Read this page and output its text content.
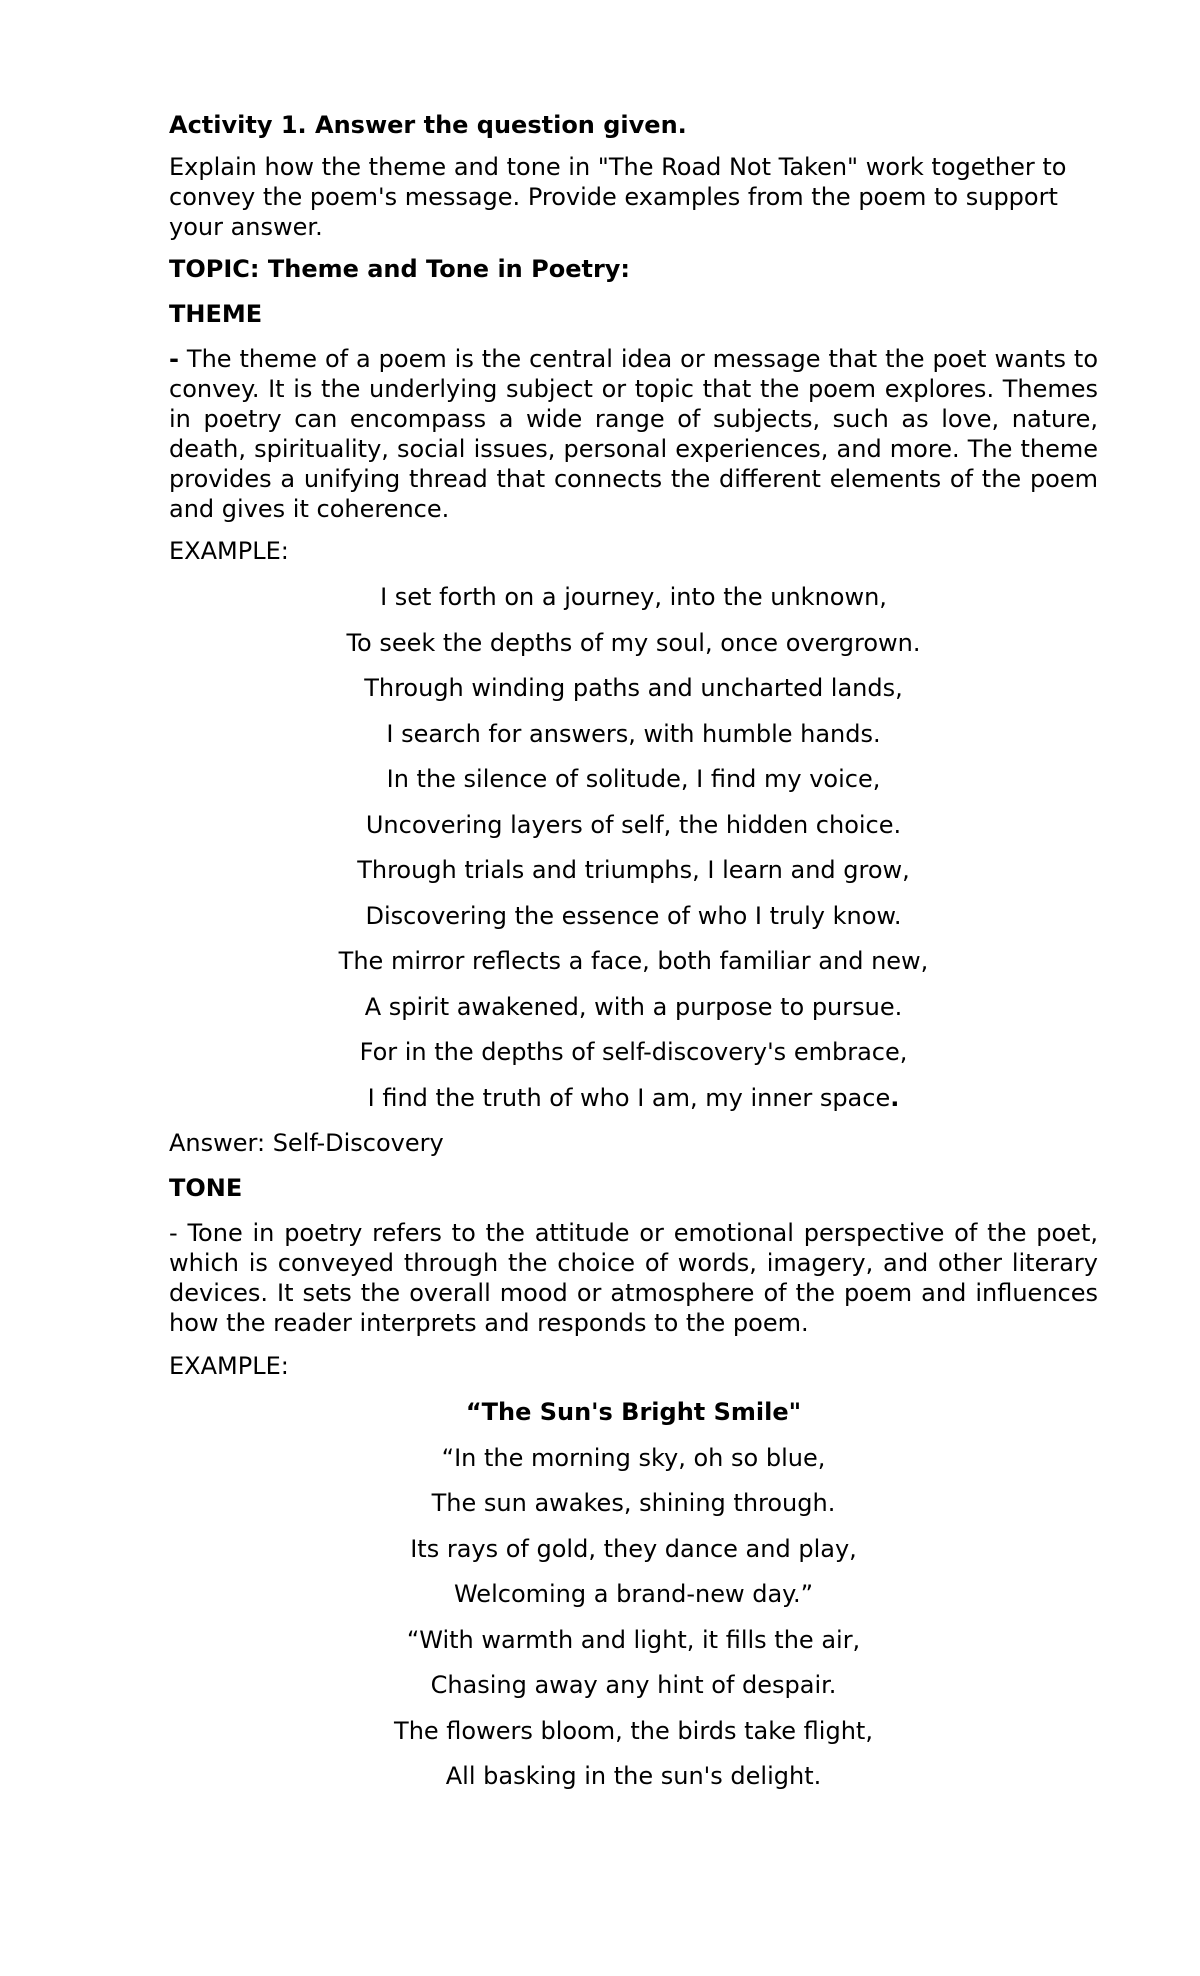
Activity 1. Answer the question given.
Explain how the theme and tone in "The Road Not Taken" work together to convey the poem's message. Provide examples from the poem to support your answer.
TOPIC: Theme and Tone in Poetry:
THEME
- The theme of a poem is the central idea or message that the poet wants to convey. It is the underlying subject or topic that the poem explores. Themes in poetry can encompass a wide range of subjects, such as love, nature, death, spirituality, social issues, personal experiences, and more. The theme provides a unifying thread that connects the different elements of the poem and gives it coherence.
EXAMPLE:
I set forth on a journey, into the unknown,
To seek the depths of my soul, once overgrown.
Through winding paths and uncharted lands,
I search for answers, with humble hands.
In the silence of solitude, I find my voice,
Uncovering layers of self, the hidden choice.
Through trials and triumphs, I learn and grow,
Discovering the essence of who I truly know.
The mirror reflects a face, both familiar and new,
A spirit awakened, with a purpose to pursue.
For in the depths of self-discovery's embrace,
I find the truth of who I am, my inner space.
Answer: Self-Discovery
TONE
- Tone in poetry refers to the attitude or emotional perspective of the poet, which is conveyed through the choice of words, imagery, and other literary devices. It sets the overall mood or atmosphere of the poem and influences how the reader interprets and responds to the poem.
EXAMPLE:
“The Sun's Bright Smile"
“In the morning sky, oh so blue,
The sun awakes, shining through.
Its rays of gold, they dance and play,
Welcoming a brand-new day.”
“With warmth and light, it fills the air,
Chasing away any hint of despair.
The flowers bloom, the birds take flight,
All basking in the sun's delight.
